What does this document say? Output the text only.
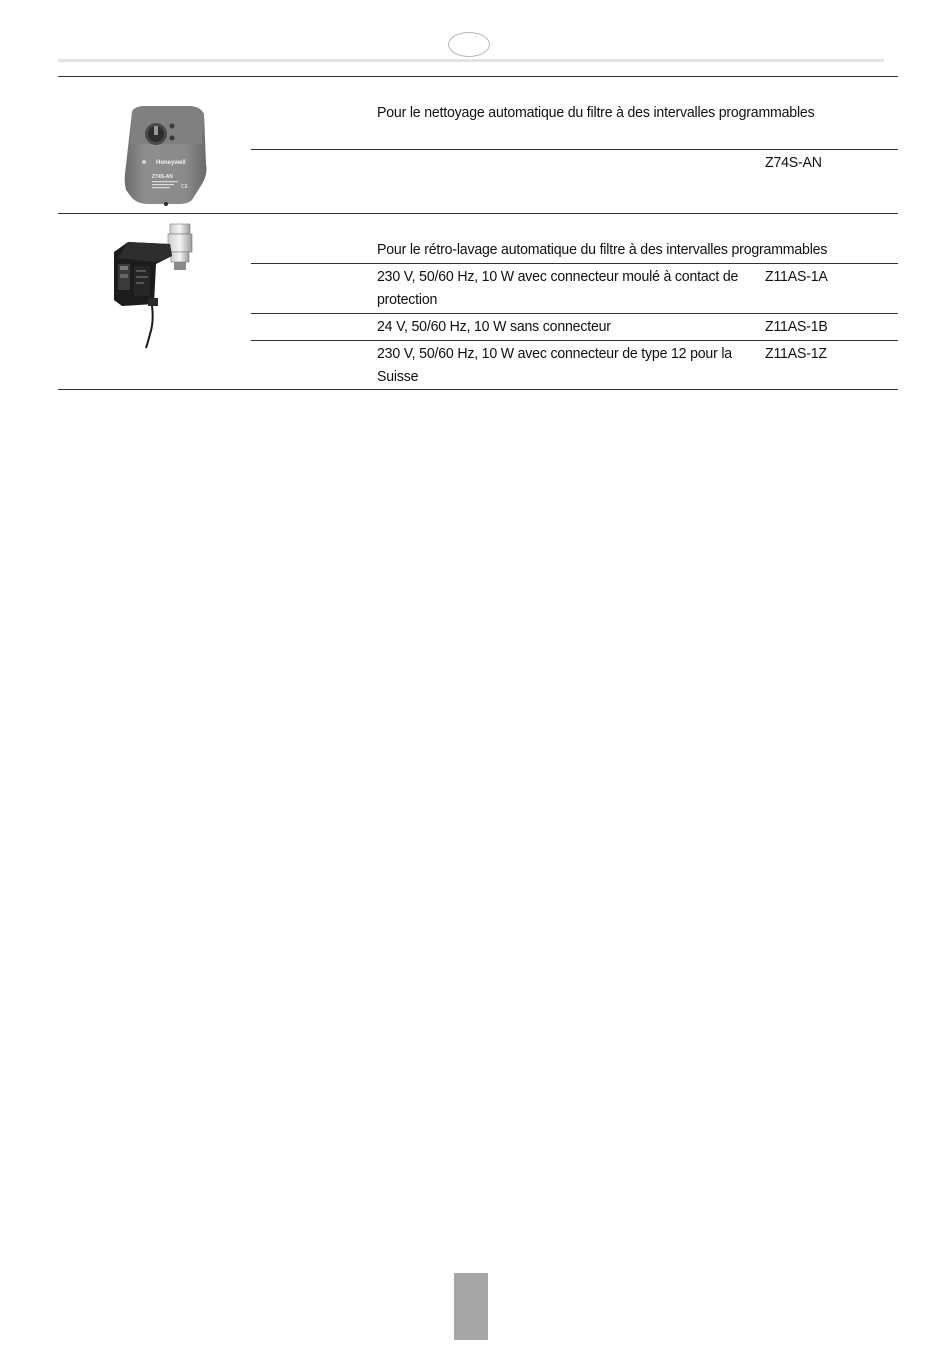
Honeywell
Z74S-AN
CE
Pour le nettoyage automatique du filtre à des intervalles programmables
Z74S-AN
Pour le rétro-lavage automatique du filtre à des intervalles programmables
230 V, 50/60 Hz, 10 W avec connecteur moulé à contact de protection
Z11AS-1A
24 V, 50/60 Hz, 10 W sans connecteur	Z11AS-1B
230 V, 50/60 Hz, 10 W avec connecteur de type 12 pour la Suisse
Z11AS-1Z
